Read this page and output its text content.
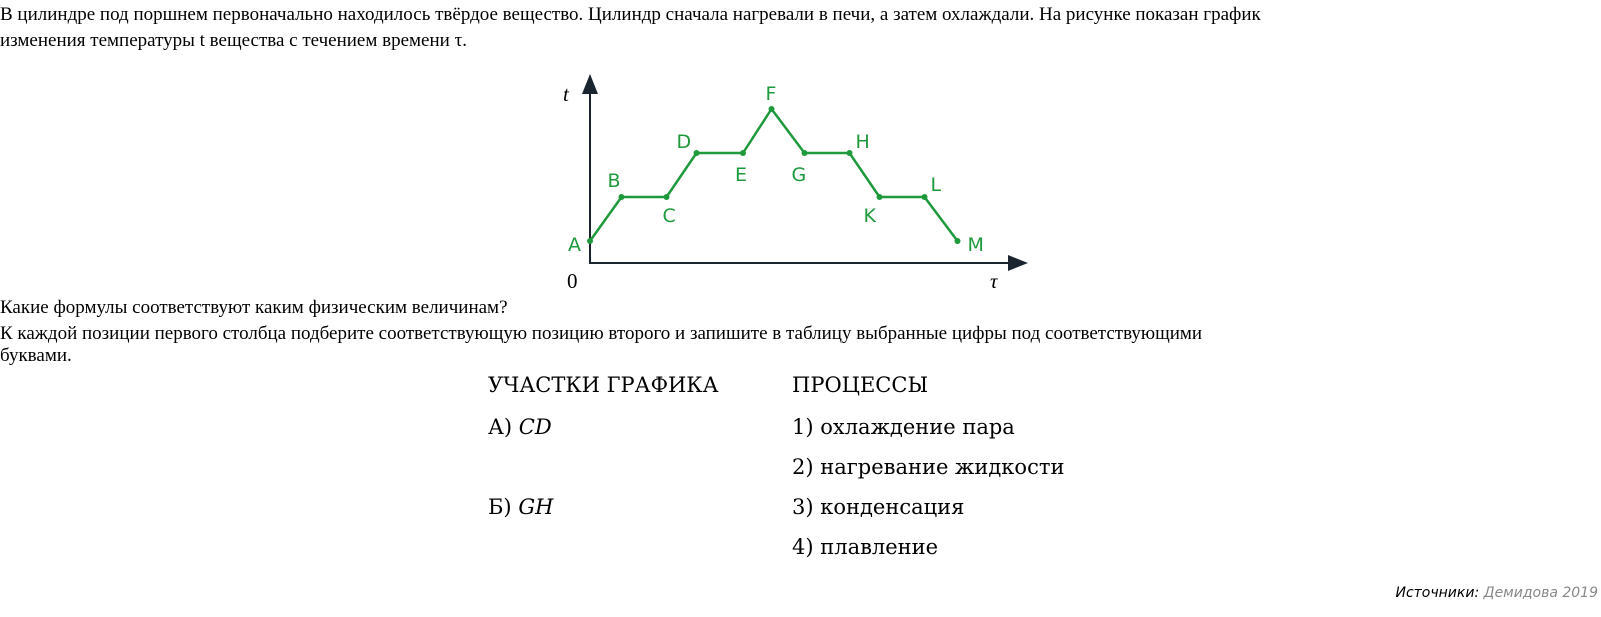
В цилиндре под поршнем первоначально находилось твёрдое вещество. Цилиндр сначала нагревали в печи, а затем охлаждали. На рисунке показан график

изменения температуры t вещества с течением времени τ.

t
τ
0
A
B
C
D
E
F
G
H
K
L
M

Какие формулы соответствуют каким физическим величинам?

К каждой позиции первого столбца подберите соответствующую позицию второго и запишите в таблицу выбранные цифры под соответствующими

буквами.

УЧАСТКИ ГРАФИКА	ПРОЦЕССЫ
А) CD
Б) GH
1) охлаждение пара
2) нагревание жидкости
3) конденсация
4) плавление
Источники: Демидова 2019
